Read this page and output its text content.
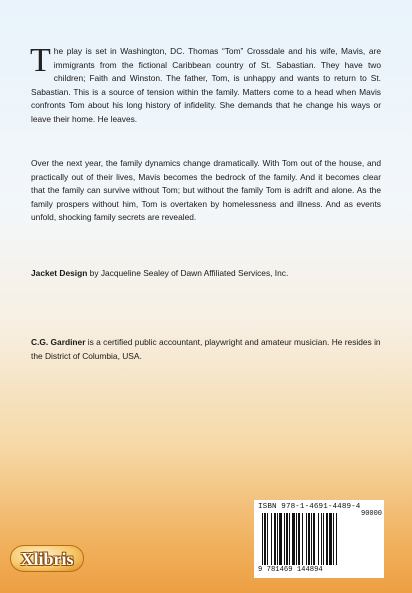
The play is set in Washington, DC. Thomas “Tom” Crossdale and his wife, Mavis, are immigrants from the fictional Caribbean country of St. Sabastian. They have two children; Faith and Winston. The father, Tom, is unhappy and wants to return to St. Sabastian. This is a source of tension within the family. Matters come to a head when Mavis confronts Tom about his long history of infidelity. She demands that he change his ways or leave their home. He leaves.

Over the next year, the family dynamics change dramatically. With Tom out of the house, and practically out of their lives, Mavis becomes the bedrock of the family. And it becomes clear that the family can survive without Tom; but without the family Tom is adrift and alone. As the family prospers without him, Tom is overtaken by homelessness and illness. And as events unfold, shocking family secrets are revealed.

Jacket Design by Jacqueline Sealey of Dawn Affiliated Services, Inc.

C.G. Gardiner is a certified public accountant, playwright and amateur musician. He resides in the District of Columbia, USA.

ISBN 978-1-4691-4489-4
90000
9 781469 144894
Xlibris
